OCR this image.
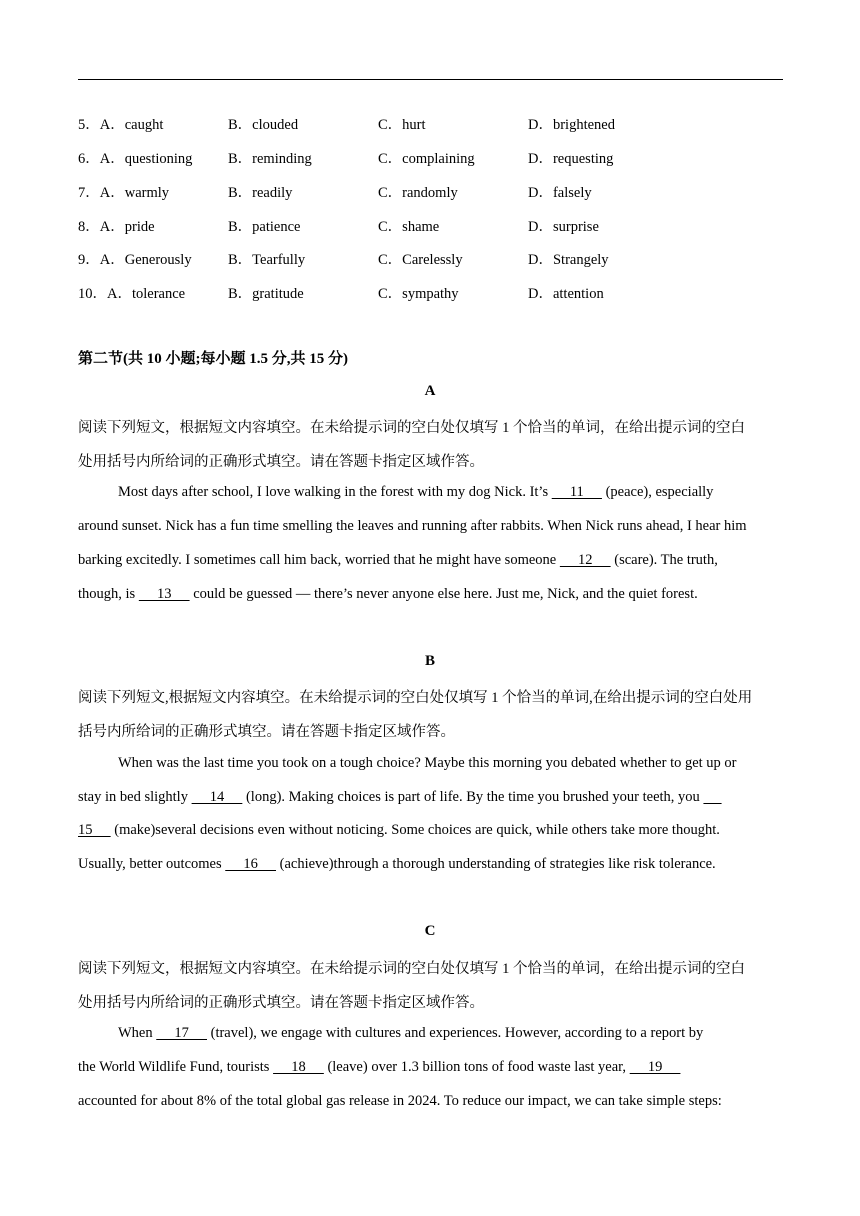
5．A．caught	B．clouded	C．hurt	D．brightened
6．A．questioning B．reminding	C．complaining	D．requesting
7．A．warmly	B．readily	C．randomly	D．falsely
8．A．pride	B．patience	C．shame	D．surprise
9．A．Generously	B．Tearfully	C．Carelessly	D．Strangely
10．A．tolerance	B．gratitude	C．sympathy	D．attention
第二节(共 10 小题;每小题 1.5 分,共 15 分)
A
阅读下列短文，根据短文内容填空。在未给提示词的空白处仅填写 1 个恰当的单词，在给出提示词的空白
处用括号内所给词的正确形式填空。请在答题卡指定区域作答。
Most days after school, I love walking in the forest with my dog Nick. It’s      11      (peace), especially
around sunset. Nick has a fun time smelling the leaves and running after rabbits. When Nick runs ahead, I hear him
barking excitedly. I sometimes call him back, worried that he might have someone      12      (scare). The truth,
though, is      13      could be guessed — there’s never anyone else here. Just me, Nick, and the quiet forest.
B
阅读下列短文,根据短文内容填空。在未给提示词的空白处仅填写 1 个恰当的单词,在给出提示词的空白处用
括号内所给词的正确形式填空。请在答题卡指定区域作答。
When was the last time you took on a tough choice? Maybe this morning you debated whether to get up or
stay in bed slightly      14      (long). Making choices is part of life. By the time you brushed your teeth, you
15      (make)several decisions even without noticing. Some choices are quick, while others take more thought.
Usually, better outcomes      16      (achieve)through a thorough understanding of strategies like risk tolerance.
C
阅读下列短文，根据短文内容填空。在未给提示词的空白处仅填写 1 个恰当的单词，在给出提示词的空白
处用括号内所给词的正确形式填空。请在答题卡指定区域作答。
When      17      (travel), we engage with cultures and experiences. However, according to a report by
the World Wildlife Fund, tourists      18      (leave) over 1.3 billion tons of food waste last year,      19
accounted for about 8% of the total global gas release in 2024. To reduce our impact, we can take simple steps:
